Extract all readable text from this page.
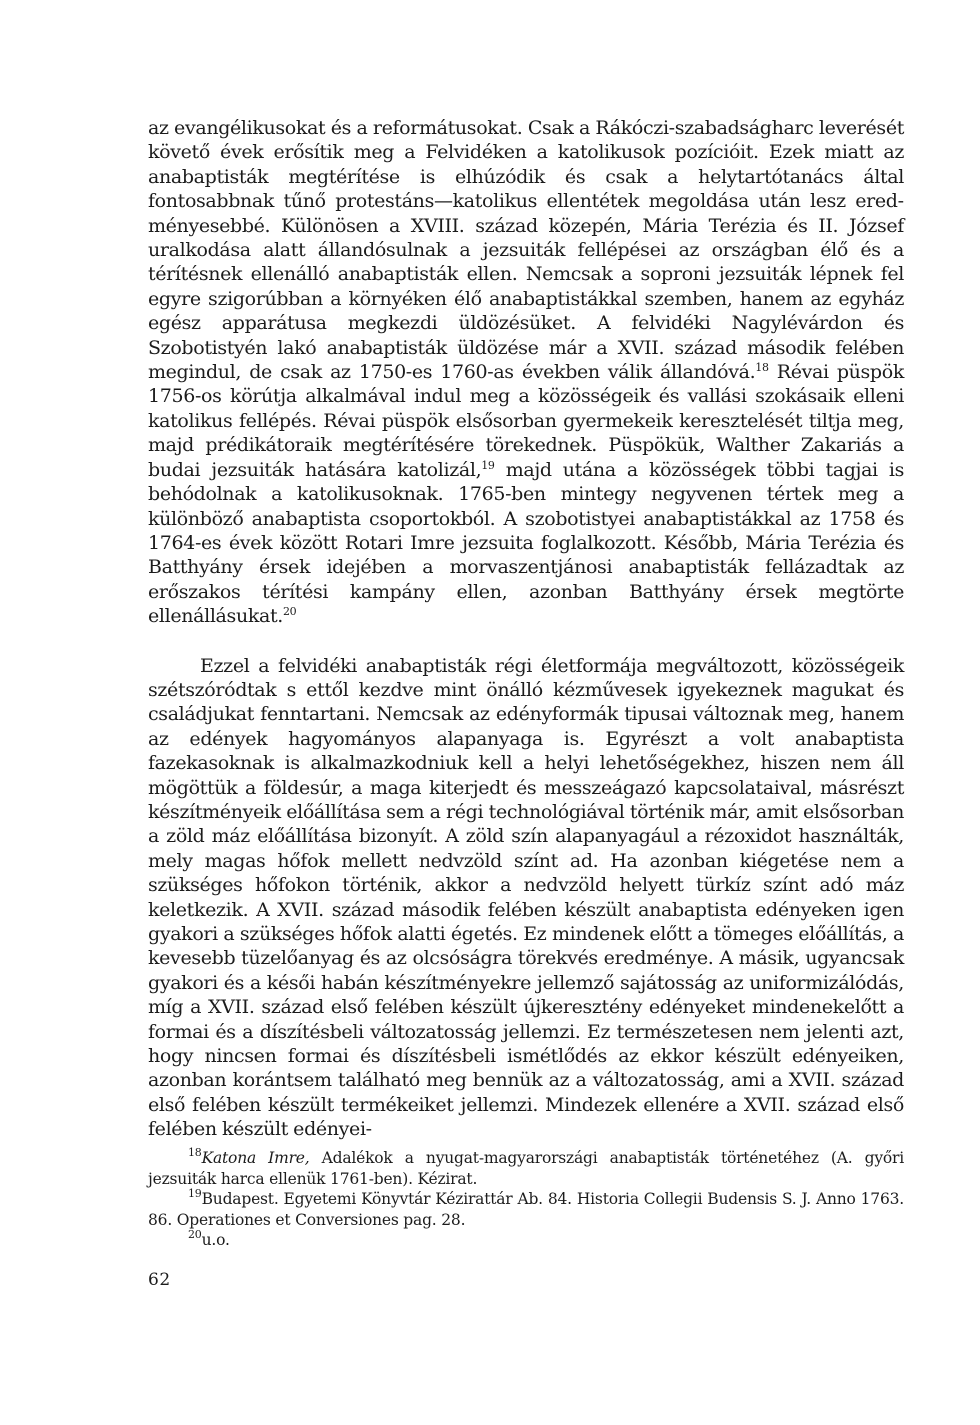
az evangélikusokat és a reformátusokat. Csak a Rákóczi-szabadságharc leverését követő évek erősítik meg a Felvidéken a katolikusok pozícióit. Ezek miatt az anabaptisták megtérítése is elhúzódik és csak a helytartótanács által fontosabbnak tűnő protestáns—katolikus ellentétek megoldása után lesz eredményesebbé. Különösen a XVIII. század közepén, Mária Terézia és II. József uralkodása alatt állandósulnak a jezsuiták fellépései az országban élő és a térítésnek ellenálló anabaptisták ellen. Nemcsak a soproni jezsuiták lépnek fel egyre szigorúbban a környéken élő anabaptistákkal szemben, hanem az egyház egész apparátusa megkezdi üldözésüket. A felvidéki Nagylévárdon és Szobotistyén lakó anabaptisták üldözése már a XVII. század második felében megindul, de csak az 1750-es 1760-as években válik állandóvá.$^{18}$ Révai püspök 1756-os körútja alkalmával indul meg a közösségeik és vallási szokásaik elleni katolikus fellépés. Révai püspök elsősorban gyermekeik keresztelését tiltja meg, majd prédikátoraik megtérítésére törekednek. Püspökük, Walther Zakariás a budai jezsuiták hatására katolizál,$^{19}$ majd utána a közösségek többi tagjai is behódolnak a katolikusoknak. 1765-ben mintegy negyvenen tértek meg a különböző anabaptista csoportokból. A szobotistyei anabaptistákkal az 1758 és 1764-es évek között Rotari Imre jezsuita foglalkozott. Később, Mária Terézia és Batthyány érsek idejében a morvaszentjánosi anabaptisták fellázadtak az erőszakos térítési kampány ellen, azonban Batthyány érsek megtörte ellenállásukat.$^{20}$

Ezzel a felvidéki anabaptisták régi életformája megváltozott, közösségeik szétszóródtak s ettől kezdve mint önálló kézművesek igyekeznek magukat és családjukat fenntartani. Nemcsak az edényformák tipusai változnak meg, hanem az edények hagyományos alapanyaga is. Egyrészt a volt anabaptista fazekasoknak is alkalmazkodniuk kell a helyi lehetőségekhez, hiszen nem áll mögöttük a földesúr, a maga kiterjedt és messzeágazó kapcsolataival, másrészt készítményeik előállítása sem a régi technológiával történik már, amit elsősorban a zöld máz előállítása bizonyít. A zöld szín alapanyagául a rézoxidot használták, mely magas hőfok mellett nedvzöld színt ad. Ha azonban kiégetése nem a szükséges hőfokon történik, akkor a nedvzöld helyett türkíz színt adó máz keletkezik. A XVII. század második felében készült anabaptista edényeken igen gyakori a szükséges hőfok alatti égetés. Ez mindenek előtt a tömeges előállítás, a kevesebb tüzelőanyag és az olcsóságra törekvés eredménye. A másik, ugyancsak gyakori és a késői habán készítményekre jellemző sajátosság az uniformizálódás, míg a XVII. század első felében készült újkeresztény edényeket mindenekelőtt a formai és a díszítésbeli változatosság jellemzi. Ez természetesen nem jelenti azt, hogy nincsen formai és díszítésbeli ismétlődés az ekkor készült edényeiken, azonban korántsem található meg bennük az a változatosság, ami a XVII. század első felében készült termékeiket jellemzi. Mindezek ellenére a XVII. század első felében készült edényei-

$^{18}$Katona Imre, Adalékok a nyugat-magyarországi anabaptisták történetéhez (A. győri jezsuiták harca ellenük 1761-ben). Kézirat.

$^{19}$Budapest. Egyetemi Könyvtár Kézirattár Ab. 84. Historia Collegii Budensis S. J. Anno 1763. 86. Operationes et Conversiones pag. 28.

$^{20}$u.o.

62
